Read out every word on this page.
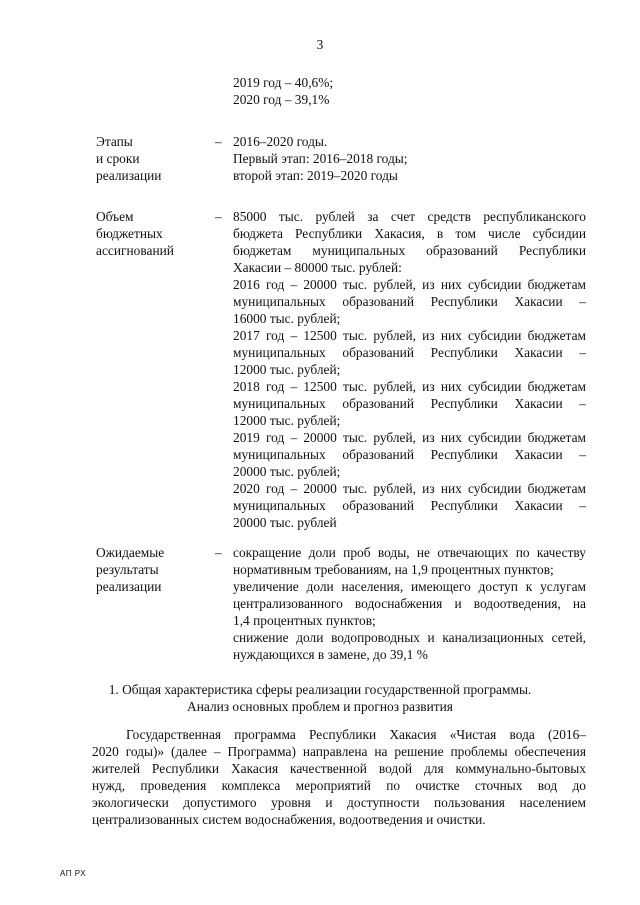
3
2019 год – 40,6%;
2020 год – 39,1%
Этапы
и сроки
реализации
– 2016–2020 годы.
Первый этап: 2016–2018 годы;
второй этап: 2019–2020 годы
Объем
бюджетных
ассигнований
– 85000 тыс. рублей за счет средств республиканского
бюджета Республики Хакасия, в том числе субсидии
бюджетам муниципальных образований Республики
Хакасии – 80000 тыс. рублей:
2016 год – 20000 тыс. рублей, из них субсидии бюджетам
муниципальных образований Республики Хакасии –
16000 тыс. рублей;
2017 год – 12500 тыс. рублей, из них субсидии бюджетам
муниципальных образований Республики Хакасии –
12000 тыс. рублей;
2018 год – 12500 тыс. рублей, из них субсидии бюджетам
муниципальных образований Республики Хакасии –
12000 тыс. рублей;
2019 год – 20000 тыс. рублей, из них субсидии бюджетам
муниципальных образований Республики Хакасии –
20000 тыс. рублей;
2020 год – 20000 тыс. рублей, из них субсидии бюджетам
муниципальных образований Республики Хакасии –
20000 тыс. рублей
Ожидаемые
результаты
реализации
– сокращение доли проб воды, не отвечающих по качеству
нормативным требованиям, на 1,9 процентных пунктов;
увеличение доли населения, имеющего доступ к услугам
централизованного водоснабжения и водоотведения, на
1,4 процентных пунктов;
снижение доли водопроводных и канализационных сетей,
нуждающихся в замене, до 39,1 %
1. Общая характеристика сферы реализации государственной программы.
Анализ основных проблем и прогноз развития
Государственная программа Республики Хакасия «Чистая вода (2016–
2020 годы)» (далее – Программа) направлена на решение проблемы обеспечения
жителей Республики Хакасия качественной водой для коммунально-бытовых
нужд, проведения комплекса мероприятий по очистке сточных вод до
экологически допустимого уровня и доступности пользования населением
централизованных систем водоснабжения, водоотведения и очистки.
АП РХ
